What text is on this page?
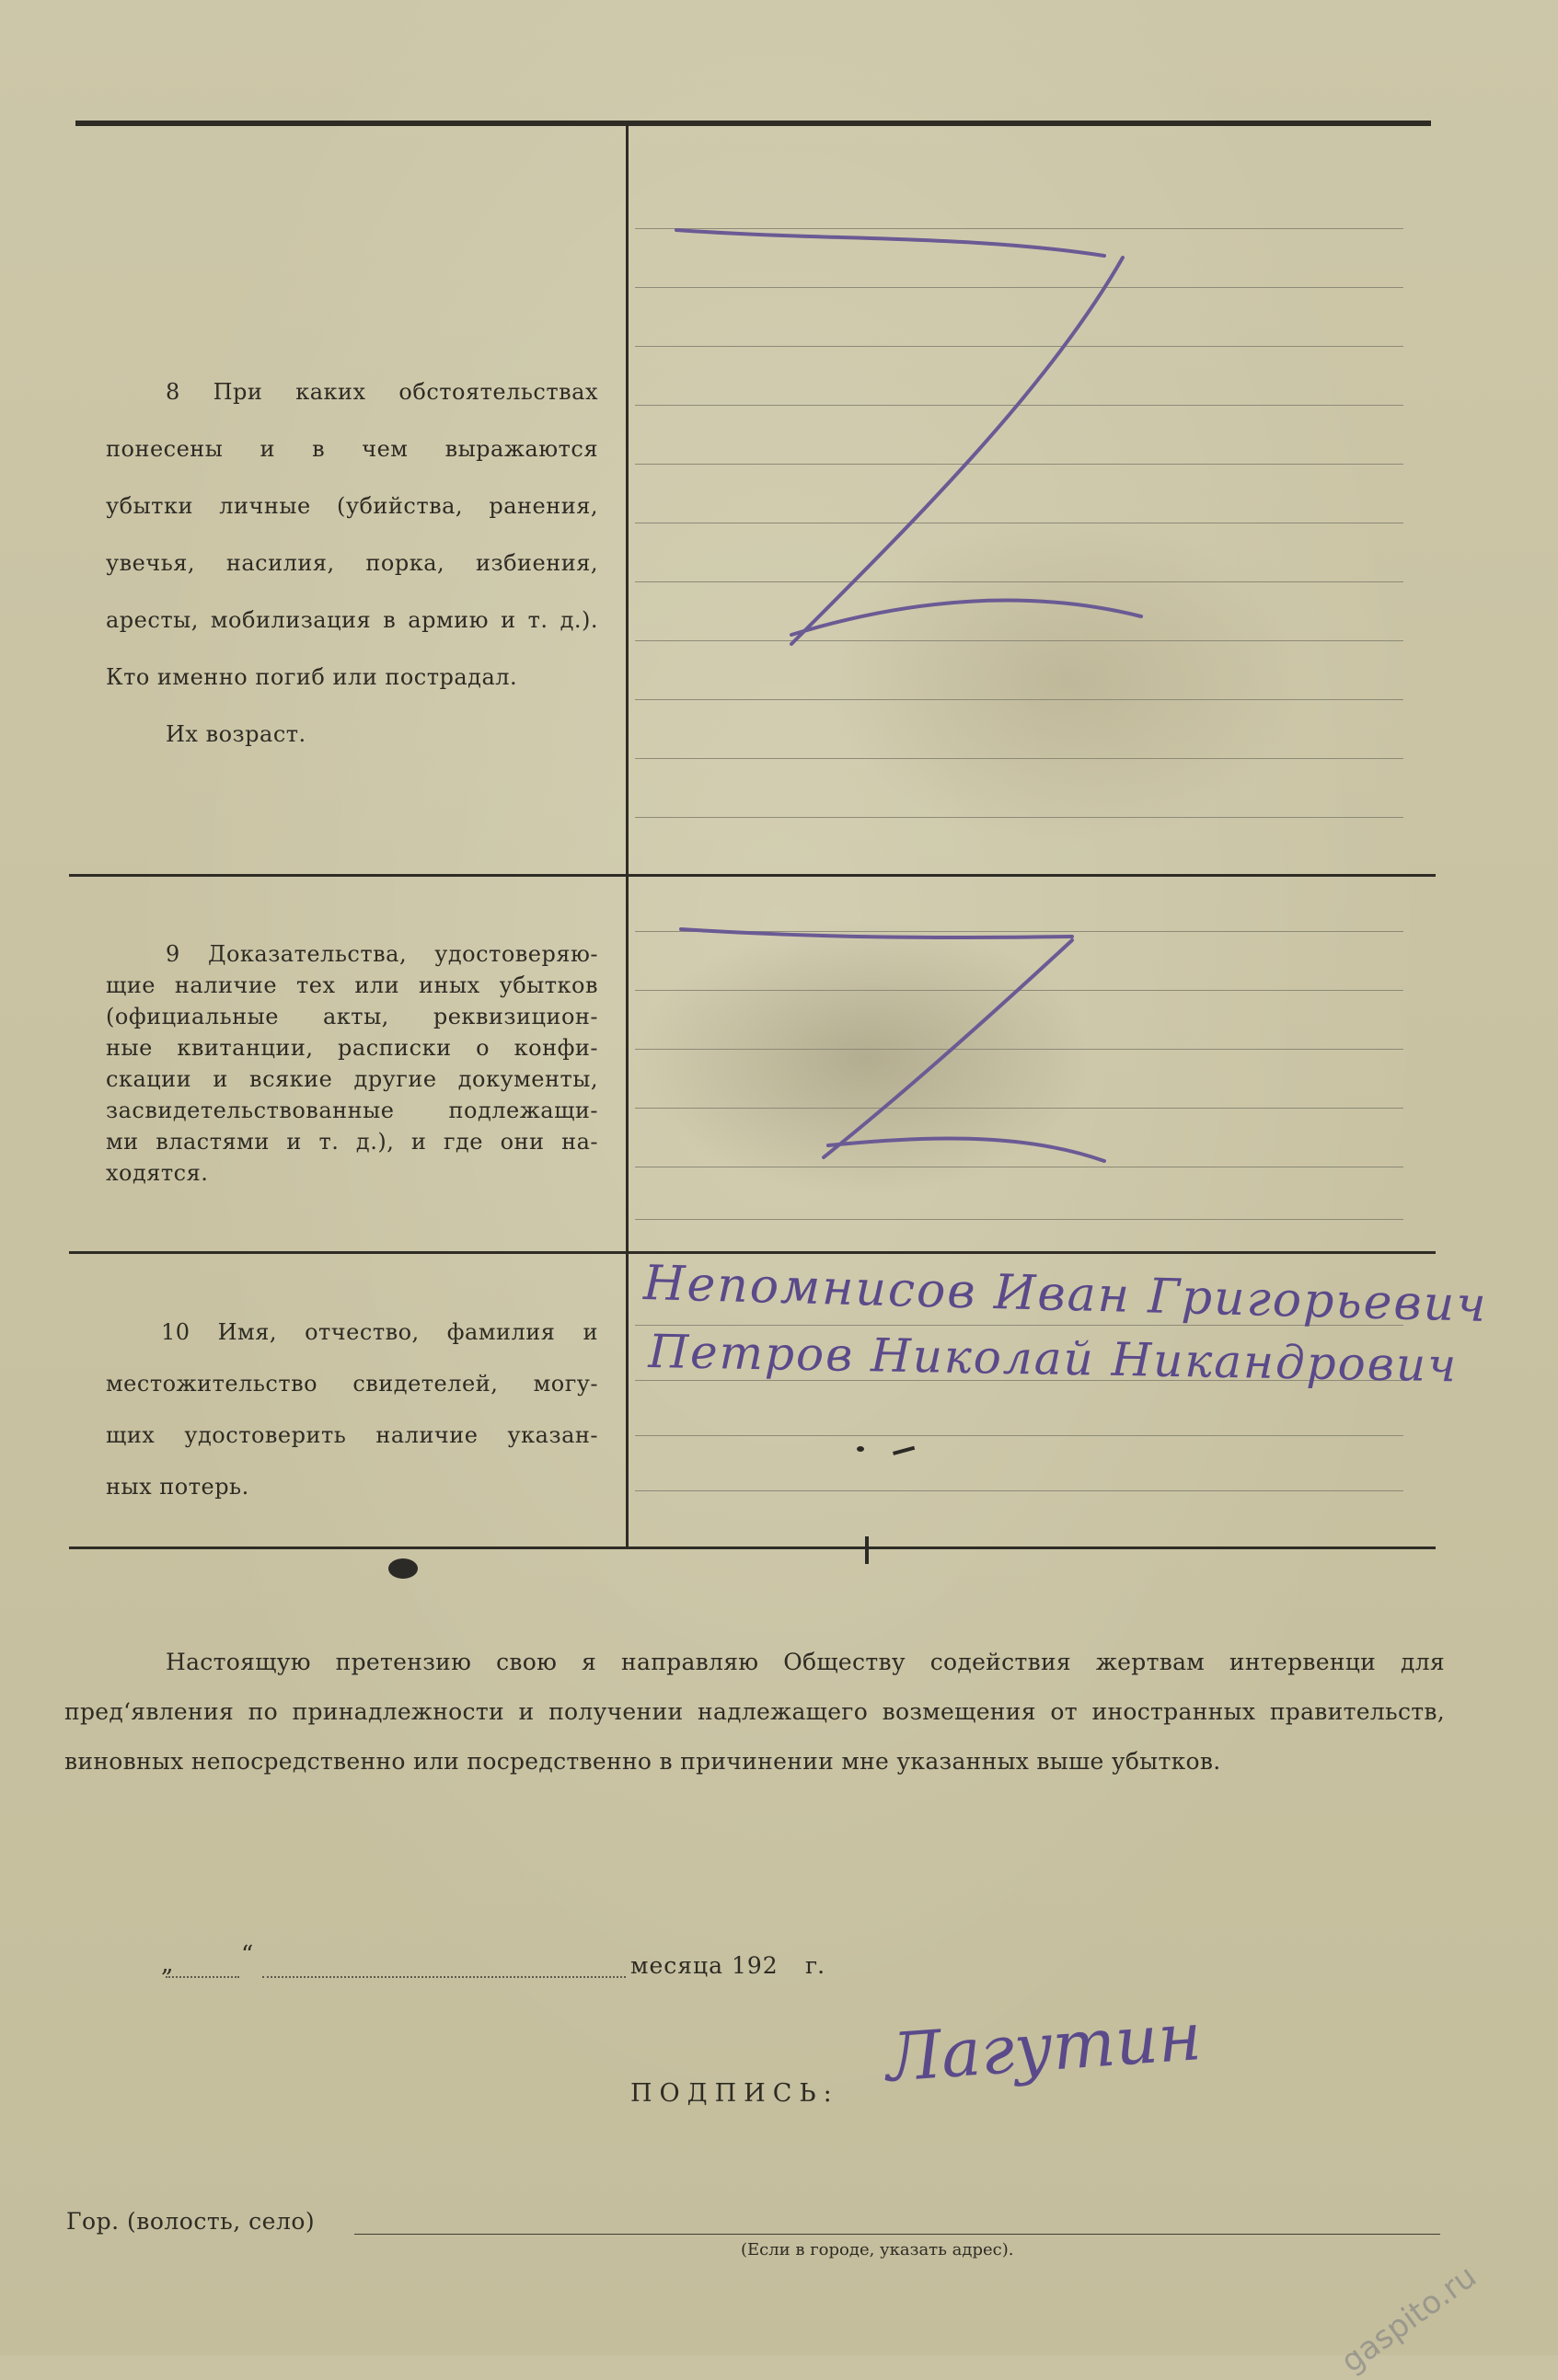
8 При каких обстоятельствах
понесены и в чем выражаются
убытки личные (убийства, ранения,
увечья, насилия, порка, избиения,
аресты, мобилизация в армию и т. д.).
Кто именно погиб или пострадал.
Их возраст.
9 Доказательства, удостоверяю-
щие наличие тех или иных убытков
(официальные акты, реквизицион-
ные квитанции, расписки о конфи-
скации и всякие другие документы,
засвидетельствованные подлежащи-
ми властями и т. д.), и где они на-
ходятся.
10 Имя, отчество, фамилия и
местожительство свидетелей, могу-
щих удостоверить наличие указан-
ных потерь.
Непомнисов Иван Григорьевич
Петров Николай Никандрович
Настоящую претензию свою я направляю Обществу содействия жертвам интервенци для пред‘явления по принадлежности и получении надлежащего возмещения от иностранных правительств, виновных непосредственно или посредственно в причинении мне указанных выше убытков.
„	“	месяца 192 г.
ПОДПИСЬ: Лагутин
Гор. (волость, село)
(Если в городе, указать адрес).
gaspito.ru
